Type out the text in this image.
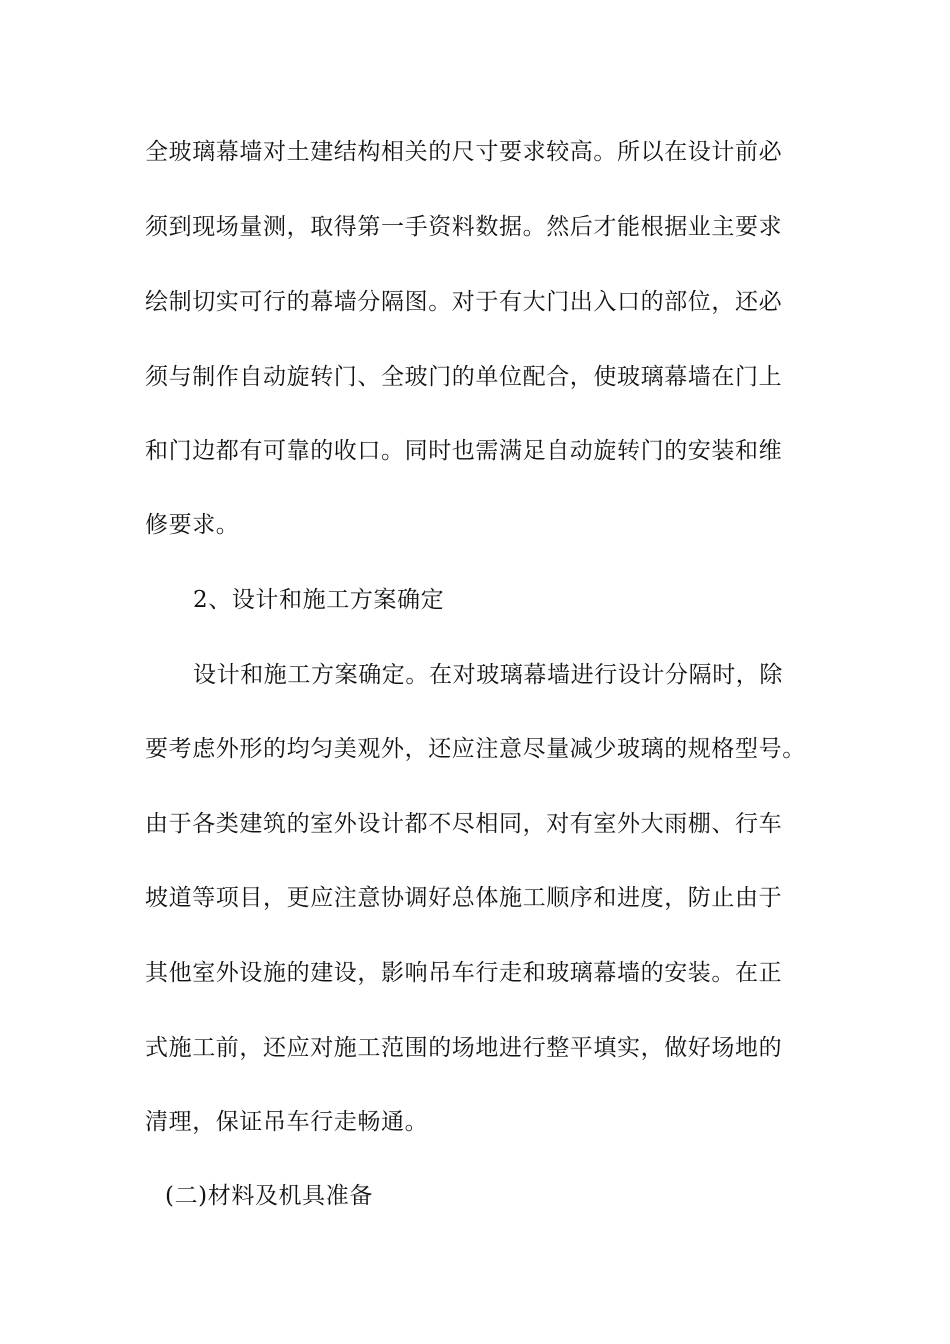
全玻璃幕墙对土建结构相关的尺寸要求较高。所以在设计前必
须到现场量测，取得第一手资料数据。然后才能根据业主要求
绘制切实可行的幕墙分隔图。对于有大门出入口的部位，还必
须与制作自动旋转门、全玻门的单位配合，使玻璃幕墙在门上
和门边都有可靠的收口。同时也需满足自动旋转门的安装和维
修要求。
2、设计和施工方案确定
设计和施工方案确定。在对玻璃幕墙进行设计分隔时，除
要考虑外形的均匀美观外，还应注意尽量减少玻璃的规格型号。
由于各类建筑的室外设计都不尽相同，对有室外大雨棚、行车
坡道等项目，更应注意协调好总体施工顺序和进度，防止由于
其他室外设施的建设，影响吊车行走和玻璃幕墙的安装。在正
式施工前，还应对施工范围的场地进行整平填实，做好场地的
清理，保证吊车行走畅通。
(二)材料及机具准备
